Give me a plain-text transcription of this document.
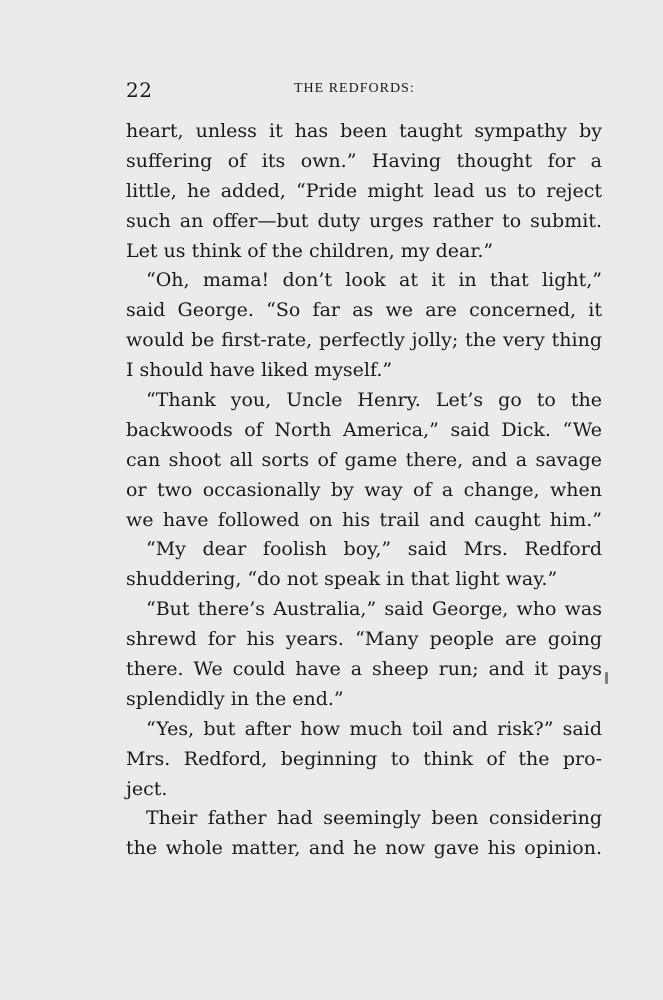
22	THE REDFORDS:
heart, unless it has been taught sympathy by
suffering of its own.” Having thought for a
little, he added, “Pride might lead us to reject
such an offer—but duty urges rather to submit.
Let us think of the children, my dear.”
“Oh, mama! don’t look at it in that light,”
said George. “So far as we are concerned, it
would be first-rate, perfectly jolly; the very thing
I should have liked myself.”
“Thank you, Uncle Henry. Let’s go to the
backwoods of North America,” said Dick. “We
can shoot all sorts of game there, and a savage
or two occasionally by way of a change, when
we have followed on his trail and caught him.”
“My dear foolish boy,” said Mrs. Redford
shuddering, “do not speak in that light way.”
“But there’s Australia,” said George, who was
shrewd for his years. “Many people are going
there. We could have a sheep run; and it pays
splendidly in the end.”
“Yes, but after how much toil and risk?” said
Mrs. Redford, beginning to think of the pro-
ject.
Their father had seemingly been considering
the whole matter, and he now gave his opinion.
